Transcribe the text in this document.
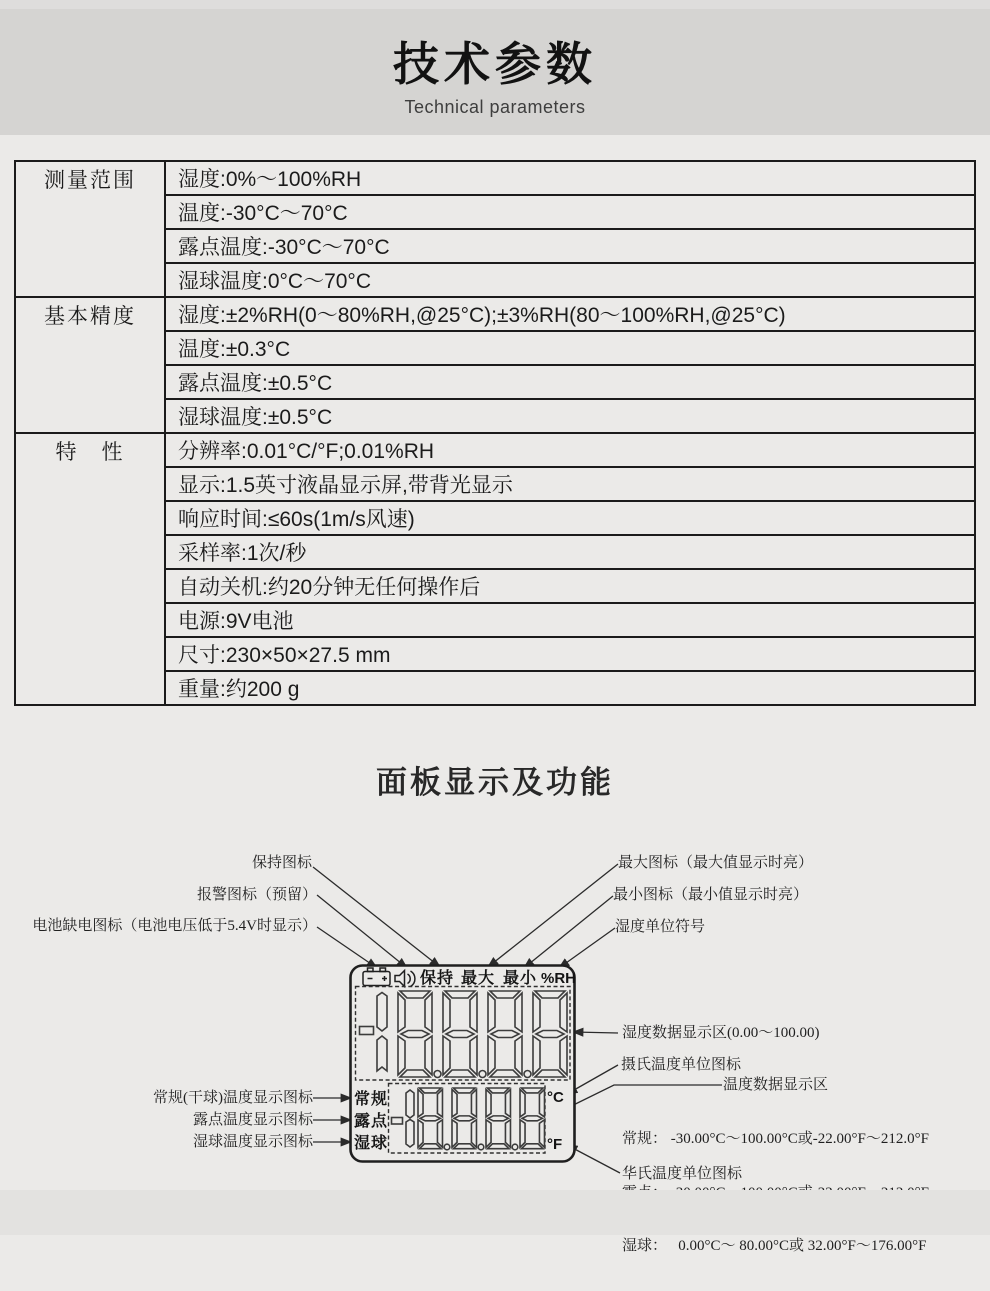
技术参数
Technical parameters
测量范围	湿度:0%～100%RH
	温度:-30°C～70°C
	露点温度:-30°C～70°C
	湿球温度:0°C～70°C
基本精度	湿度:±2%RH(0～80%RH,@25°C);±3%RH(80～100%RH,@25°C)
	温度:±0.3°C
	露点温度:±0.5°C
	湿球温度:±0.5°C
特　性	分辨率:0.01°C/°F;0.01%RH
	显示:1.5英寸液晶显示屏,带背光显示
	响应时间:≤60s(1m/s风速)
	采样率:1次/秒
	自动关机:约20分钟无任何操作后
	电源:9V电池
	尺寸:230×50×27.5 mm
	重量:约200 g
面板显示及功能
保持 最大 最小 %RH
常规
露点
湿球
°C
°F
保持图标
报警图标（预留）
电池缺电图标（电池电压低于5.4V时显示）
最大图标（最大值显示时亮）
最小图标（最小值显示时亮）
湿度单位符号
湿度数据显示区(0.00～100.00)
摄氏温度单位图标
温度数据显示区

常规： -30.00°C～100.00°C或-22.00°F～212.0°F

湿球：   0.00°C～ 80.00°C或 32.00°F～176.00°F

华氏温度单位图标
常规(干球)温度显示图标
露点温度显示图标
湿球温度显示图标
